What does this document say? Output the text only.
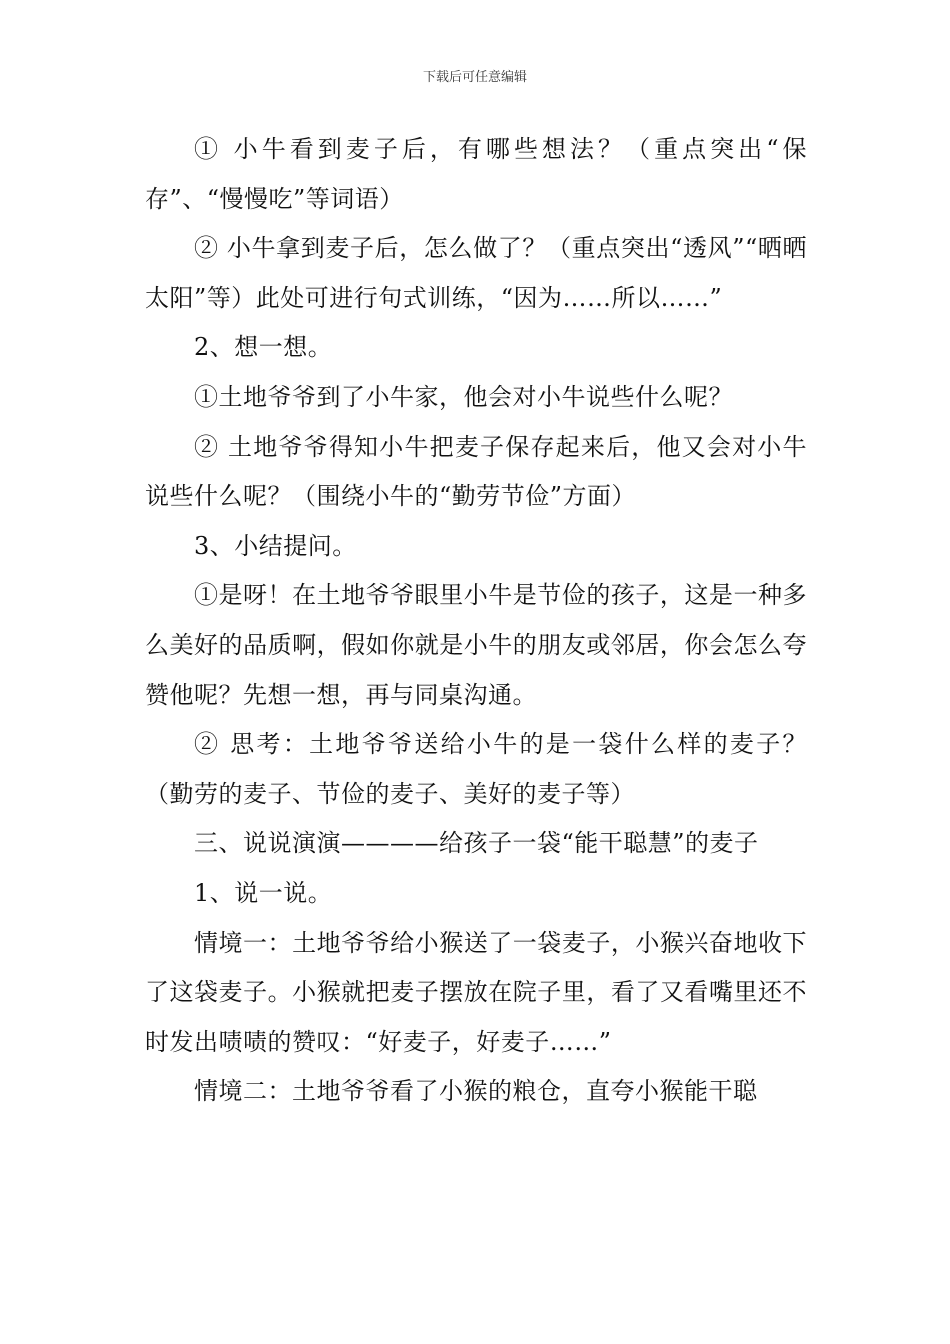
下载后可任意编辑

① 小牛看到麦子后，有哪些想法？（重点突出“保存”、“慢慢吃”等词语）

② 小牛拿到麦子后，怎么做了？（重点突出“透风”“晒晒太阳”等）此处可进行句式训练，“因为……所以……”

2、想一想。

①土地爷爷到了小牛家，他会对小牛说些什么呢？

② 土地爷爷得知小牛把麦子保存起来后，他又会对小牛说些什么呢？（围绕小牛的“勤劳节俭”方面）

3、小结提问。

①是呀！在土地爷爷眼里小牛是节俭的孩子，这是一种多么美好的品质啊，假如你就是小牛的朋友或邻居，你会怎么夸赞他呢？先想一想，再与同桌沟通。

② 思考：土地爷爷送给小牛的是一袋什么样的麦子？（勤劳的麦子、节俭的麦子、美好的麦子等）

三、说说演演————给孩子一袋“能干聪慧”的麦子

1、说一说。

情境一：土地爷爷给小猴送了一袋麦子，小猴兴奋地收下了这袋麦子。小猴就把麦子摆放在院子里，看了又看嘴里还不时发出啧啧的赞叹：“好麦子，好麦子……”

情境二：土地爷爷看了小猴的粮仓，直夸小猴能干聪
